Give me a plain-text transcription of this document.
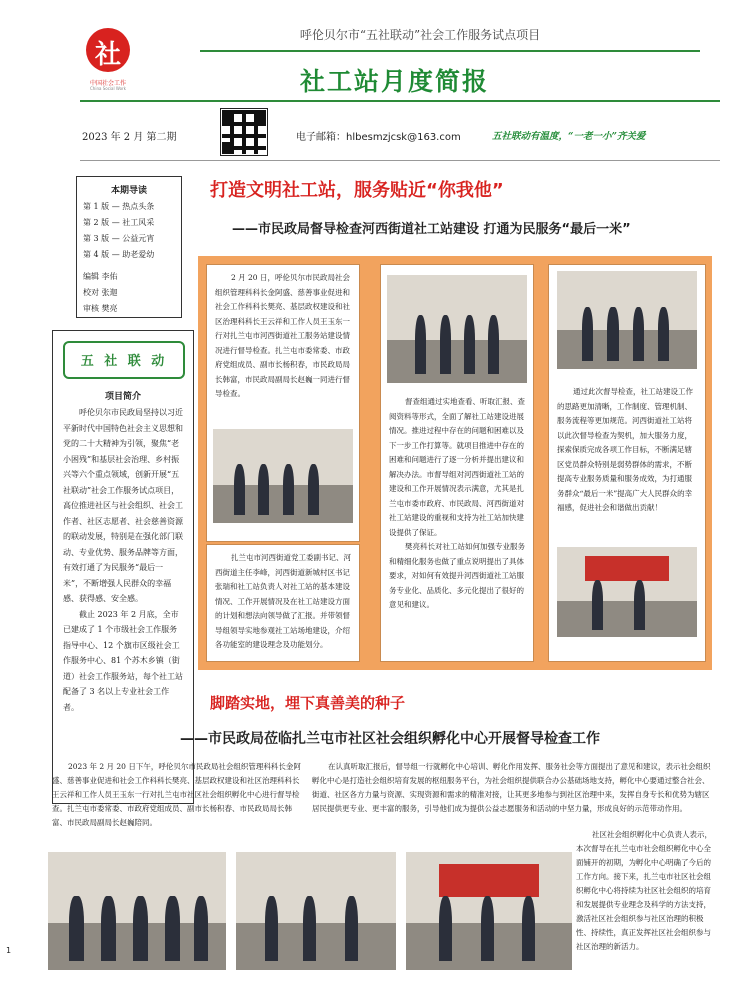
社
中国社会工作
China Social Work
呼伦贝尔市“五社联动”社会工作服务试点项目
社工站月度简报
2023 年 2 月 第二期	电子邮箱：hlbesmzjcsk@163.com	五社联动有温度，“一老一小”齐关爱
本期导读
第 1 版 — 热点头条
第 2 版 — 社工风采
第 3 版 — 公益元宵
第 4 版 — 助老爱幼
编辑 李佑
校对 张迦
审核 樊亮
五 社 联 动
项目简介

呼伦贝尔市民政局坚持以习近平新时代中国特色社会主义思想和党的二十大精神为引领，聚焦“老小困残”和基层社会治理、乡村振兴等六个重点领域，创新开展“五社联动”社会工作服务试点项目，高位推进社区与社会组织、社会工作者、社区志愿者、社会慈善资源的联动发展，特别是在强化部门联动、专业优势、服务品牌等方面，有效打通了为民服务“最后一米”，不断增强人民群众的幸福感、获得感、安全感。

截止 2023 年 2 月底，全市已建成了 1 个市级社会工作服务指导中心、12 个旗市区级社会工作服务中心、81 个苏木乡镇（街道）社会工作服务站，每个社工站配备了 3 名以上专业社会工作者。

打造文明社工站，服务贴近“你我他”
——市民政局督导检查河西街道社工站建设 打通为民服务“最后一米”

2 月 20 日，呼伦贝尔市民政局社会组织管理科科长金阿盛、慈善事业促进和社会工作科科长樊亮、基层政权建设和社区治理科科长王云祥和工作人员王玉东一行对扎兰屯市河西街道社工服务站建设情况进行督导检查。扎兰屯市委常委、市政府党组成员、副市长杨积春，市民政局局长韩富，市民政局副局长赵巍一同进行督导检查。

扎兰屯市河西街道党工委副书记、河西街道主任李峰，河西街道新城村区书记张瑞和社工站负责人对社工站的基本建设情况、工作开展情况及在社工站建设方面的计划和想法向领导做了汇报。并带领督导组领导实地参观社工站场地建设，介绍各功能室的建设理念及功能划分。

督查组通过实地查看、听取汇报、查阅资料等形式，全面了解社工站建设进展情况。推进过程中存在的问题和困难以及下一步工作打算等。就项目推进中存在的困难和问题进行了逐一分析并提出建议和解决办法。市督导组对河西街道社工站的建设和工作开展情况表示满意，尤其是扎兰屯市委市政府、市民政局、河西街道对社工站建设的重视和支持为社工站加快建设提供了保证。

樊亮科长对社工站如何加强专业服务和精细化服务也做了重点说明提出了具体要求，对如何有效提升河西街道社工站服务专业化、品质化、多元化提出了很好的意见和建议。

通过此次督导检查，社工站建设工作的思路更加清晰，工作制度、管理机制、服务流程等更加规范。河西街道社工站将以此次督导检查为契机，加大服务力度，探索保质完成各项工作目标，不断满足辖区党员群众特别是弱势群体的需求，不断提高专业服务质量和服务成效，为打通服务群众“最后一米”提高广大人民群众的幸福感，促进社会和谐做出贡献！

脚踏实地，埋下真善美的种子
——市民政局莅临扎兰屯市社区社会组织孵化中心开展督导检查工作

2023 年 2 月 20 日下午，呼伦贝尔市民政局社会组织管理科科长金阿盛、慈善事业促进和社会工作科科长樊亮、基层政权建设和社区治理科科长王云祥和工作人员王玉东一行对扎兰屯市社区社会组织孵化中心进行督导检查。扎兰屯市委常委、市政府党组成员、副市长杨积春、市民政局局长韩富、市民政局副局长赵巍陪同。

在认真听取汇报后，督导组一行就孵化中心培训、孵化作用发挥、服务社会等方面提出了意见和建议，表示社会组织孵化中心是打造社会组织培育发展的枢纽服务平台，为社会组织提供联合办公基础场地支持，孵化中心要通过整合社会、街道、社区各方力量与资源、实现资源和需求的精准对接，让其更多地参与到社区治理中来，发挥自身专长和优势为辖区居民提供更专业、更丰富的服务，引导他们成为提供公益志愿服务和活动的中坚力量，形成良好的示范带动作用。

社区社会组织孵化中心负责人表示，本次督导在扎兰屯市社会组织孵化中心全面铺开的初期，为孵化中心明确了今后的工作方向。接下来，扎兰屯市社区社会组织孵化中心将持续为社区社会组织的培育和发展提供专业理念及科学的方法支持，激活社区社会组织参与社区治理的积极性、持续性，真正发挥社区社会组织参与社区治理的新活力。

1
